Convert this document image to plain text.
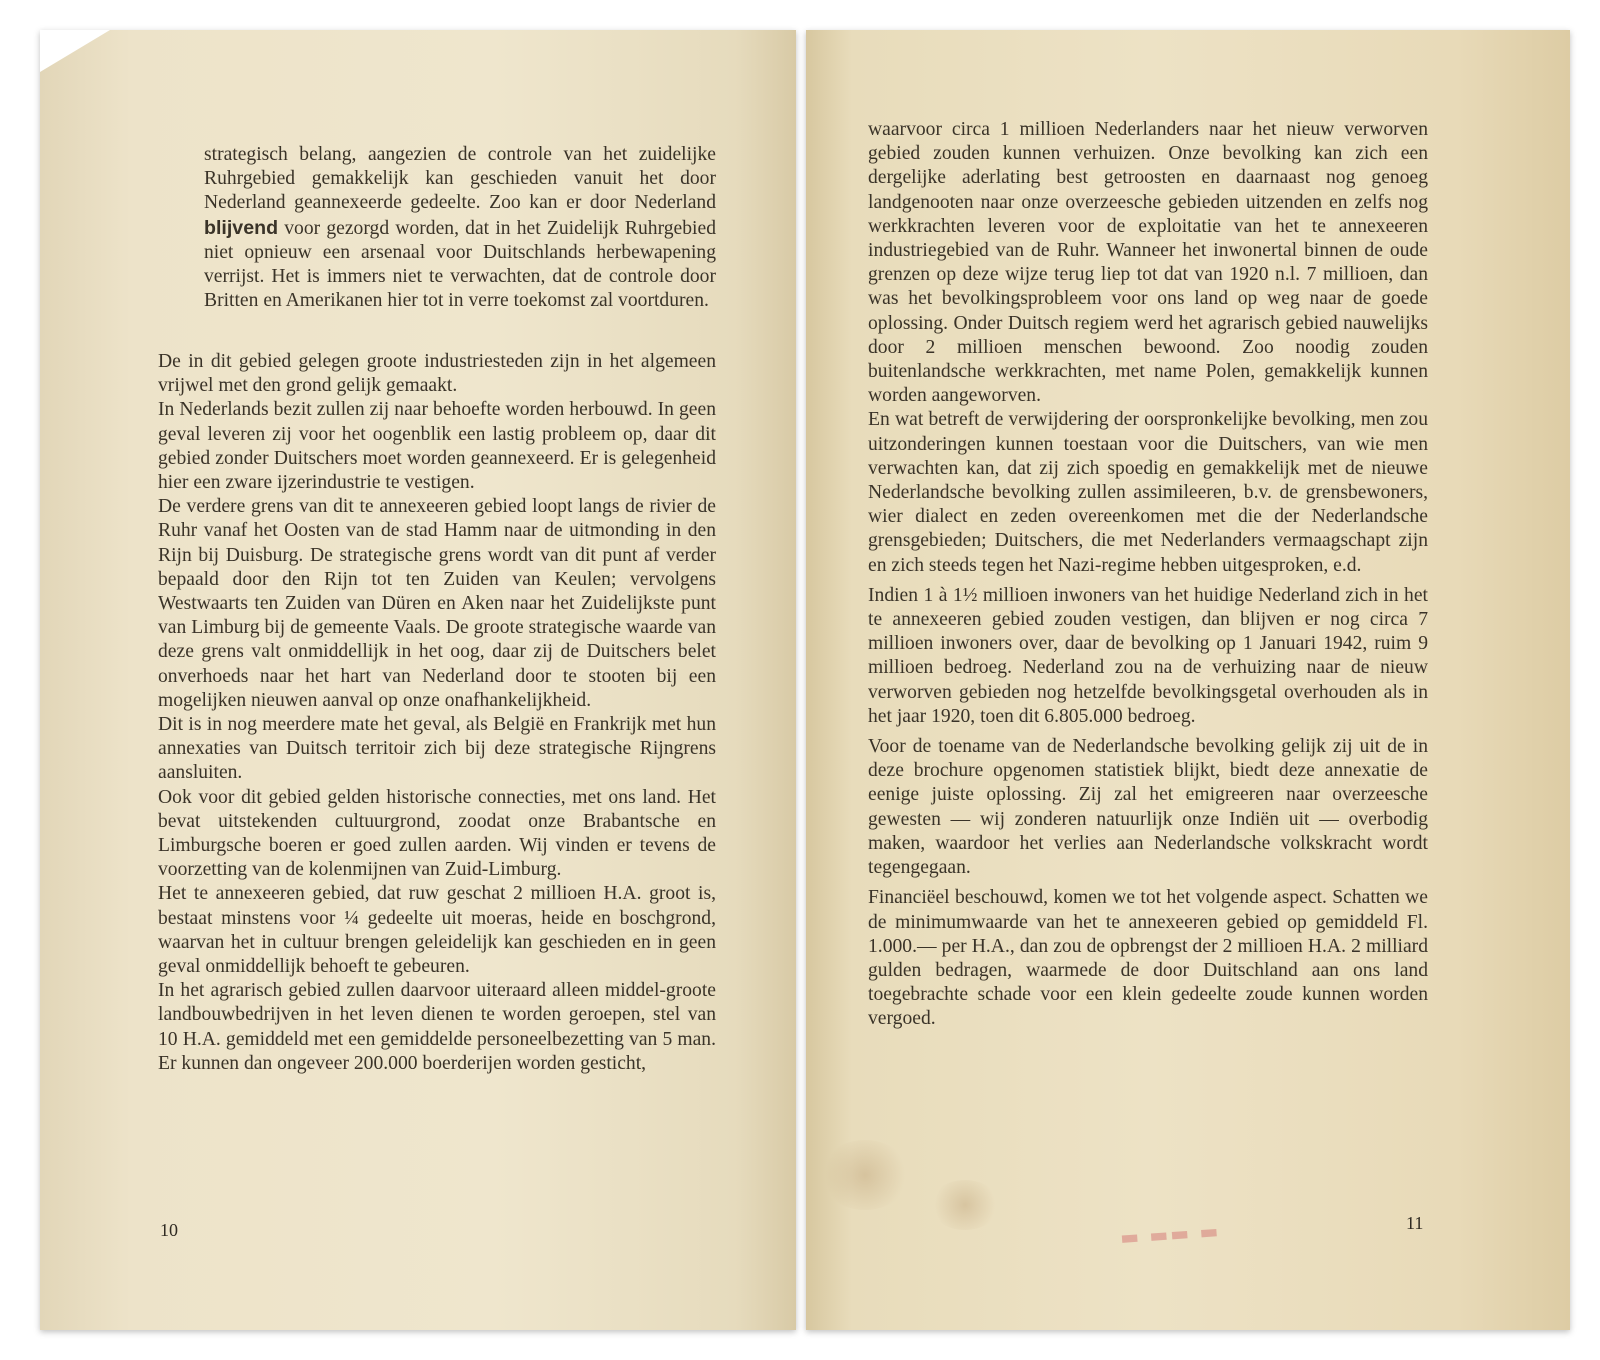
strategisch belang, aangezien de controle van het zuidelijke Ruhrgebied gemakkelijk kan geschieden vanuit het door Nederland geannexeerde gedeelte. Zoo kan er door Nederland blijvend voor gezorgd worden, dat in het Zuidelijk Ruhrgebied niet opnieuw een arsenaal voor Duitschlands herbewapening verrijst. Het is immers niet te verwachten, dat de controle door Britten en Amerikanen hier tot in verre toekomst zal voortduren.

De in dit gebied gelegen groote industriesteden zijn in het algemeen vrijwel met den grond gelijk gemaakt.

In Nederlands bezit zullen zij naar behoefte worden herbouwd. In geen geval leveren zij voor het oogenblik een lastig probleem op, daar dit gebied zonder Duitschers moet worden geannexeerd. Er is gelegenheid hier een zware ijzerindustrie te vestigen.

De verdere grens van dit te annexeeren gebied loopt langs de rivier de Ruhr vanaf het Oosten van de stad Hamm naar de uitmonding in den Rijn bij Duisburg. De strategische grens wordt van dit punt af verder bepaald door den Rijn tot ten Zuiden van Keulen; vervolgens Westwaarts ten Zuiden van Düren en Aken naar het Zuidelijkste punt van Limburg bij de gemeente Vaals. De groote strategische waarde van deze grens valt onmiddellijk in het oog, daar zij de Duitschers belet onverhoeds naar het hart van Nederland door te stooten bij een mogelijken nieuwen aanval op onze onafhankelijkheid.

Dit is in nog meerdere mate het geval, als België en Frankrijk met hun annexaties van Duitsch territoir zich bij deze strategische Rijngrens aansluiten.

Ook voor dit gebied gelden historische connecties, met ons land. Het bevat uitstekenden cultuurgrond, zoodat onze Brabantsche en Limburgsche boeren er goed zullen aarden. Wij vinden er tevens de voorzetting van de kolenmijnen van Zuid-Limburg.

Het te annexeeren gebied, dat ruw geschat 2 millioen H.A. groot is, bestaat minstens voor ¼ gedeelte uit moeras, heide en boschgrond, waarvan het in cultuur brengen geleidelijk kan geschieden en in geen geval onmiddellijk behoeft te gebeuren.

In het agrarisch gebied zullen daarvoor uiteraard alleen middel-groote landbouwbedrijven in het leven dienen te worden geroepen, stel van 10 H.A. gemiddeld met een gemiddelde personeelbezetting van 5 man. Er kunnen dan ongeveer 200.000 boerderijen worden gesticht,

10

waarvoor circa 1 millioen Nederlanders naar het nieuw verworven gebied zouden kunnen verhuizen. Onze bevolking kan zich een dergelijke aderlating best getroosten en daarnaast nog genoeg landgenooten naar onze overzeesche gebieden uitzenden en zelfs nog werkkrachten leveren voor de exploitatie van het te annexeeren industriegebied van de Ruhr. Wanneer het inwonertal binnen de oude grenzen op deze wijze terug liep tot dat van 1920 n.l. 7 millioen, dan was het bevolkingsprobleem voor ons land op weg naar de goede oplossing. Onder Duitsch regiem werd het agrarisch gebied nauwelijks door 2 millioen menschen bewoond. Zoo noodig zouden buitenlandsche werkkrachten, met name Polen, gemakkelijk kunnen worden aangeworven.

En wat betreft de verwijdering der oorspronkelijke bevolking, men zou uitzonderingen kunnen toestaan voor die Duitschers, van wie men verwachten kan, dat zij zich spoedig en gemakkelijk met de nieuwe Nederlandsche bevolking zullen assimileeren, b.v. de grensbewoners, wier dialect en zeden overeenkomen met die der Nederlandsche grensgebieden; Duitschers, die met Nederlanders vermaagschapt zijn en zich steeds tegen het Nazi-regime hebben uitgesproken, e.d.

Indien 1 à 1½ millioen inwoners van het huidige Nederland zich in het te annexeeren gebied zouden vestigen, dan blijven er nog circa 7 millioen inwoners over, daar de bevolking op 1 Januari 1942, ruim 9 millioen bedroeg. Nederland zou na de verhuizing naar de nieuw verworven gebieden nog hetzelfde bevolkingsgetal overhouden als in het jaar 1920, toen dit 6.805.000 bedroeg.

Voor de toename van de Nederlandsche bevolking gelijk zij uit de in deze brochure opgenomen statistiek blijkt, biedt deze annexatie de eenige juiste oplossing. Zij zal het emigreeren naar overzeesche gewesten — wij zonderen natuurlijk onze Indiën uit — overbodig maken, waardoor het verlies aan Nederlandsche volkskracht wordt tegengegaan.

Financiëel beschouwd, komen we tot het volgende aspect. Schatten we de minimumwaarde van het te annexeeren gebied op gemiddeld Fl. 1.000.— per H.A., dan zou de opbrengst der 2 millioen H.A. 2 milliard gulden bedragen, waarmede de door Duitschland aan ons land toegebrachte schade voor een klein gedeelte zoude kunnen worden vergoed.

▬ ▬▬ ▬	11
